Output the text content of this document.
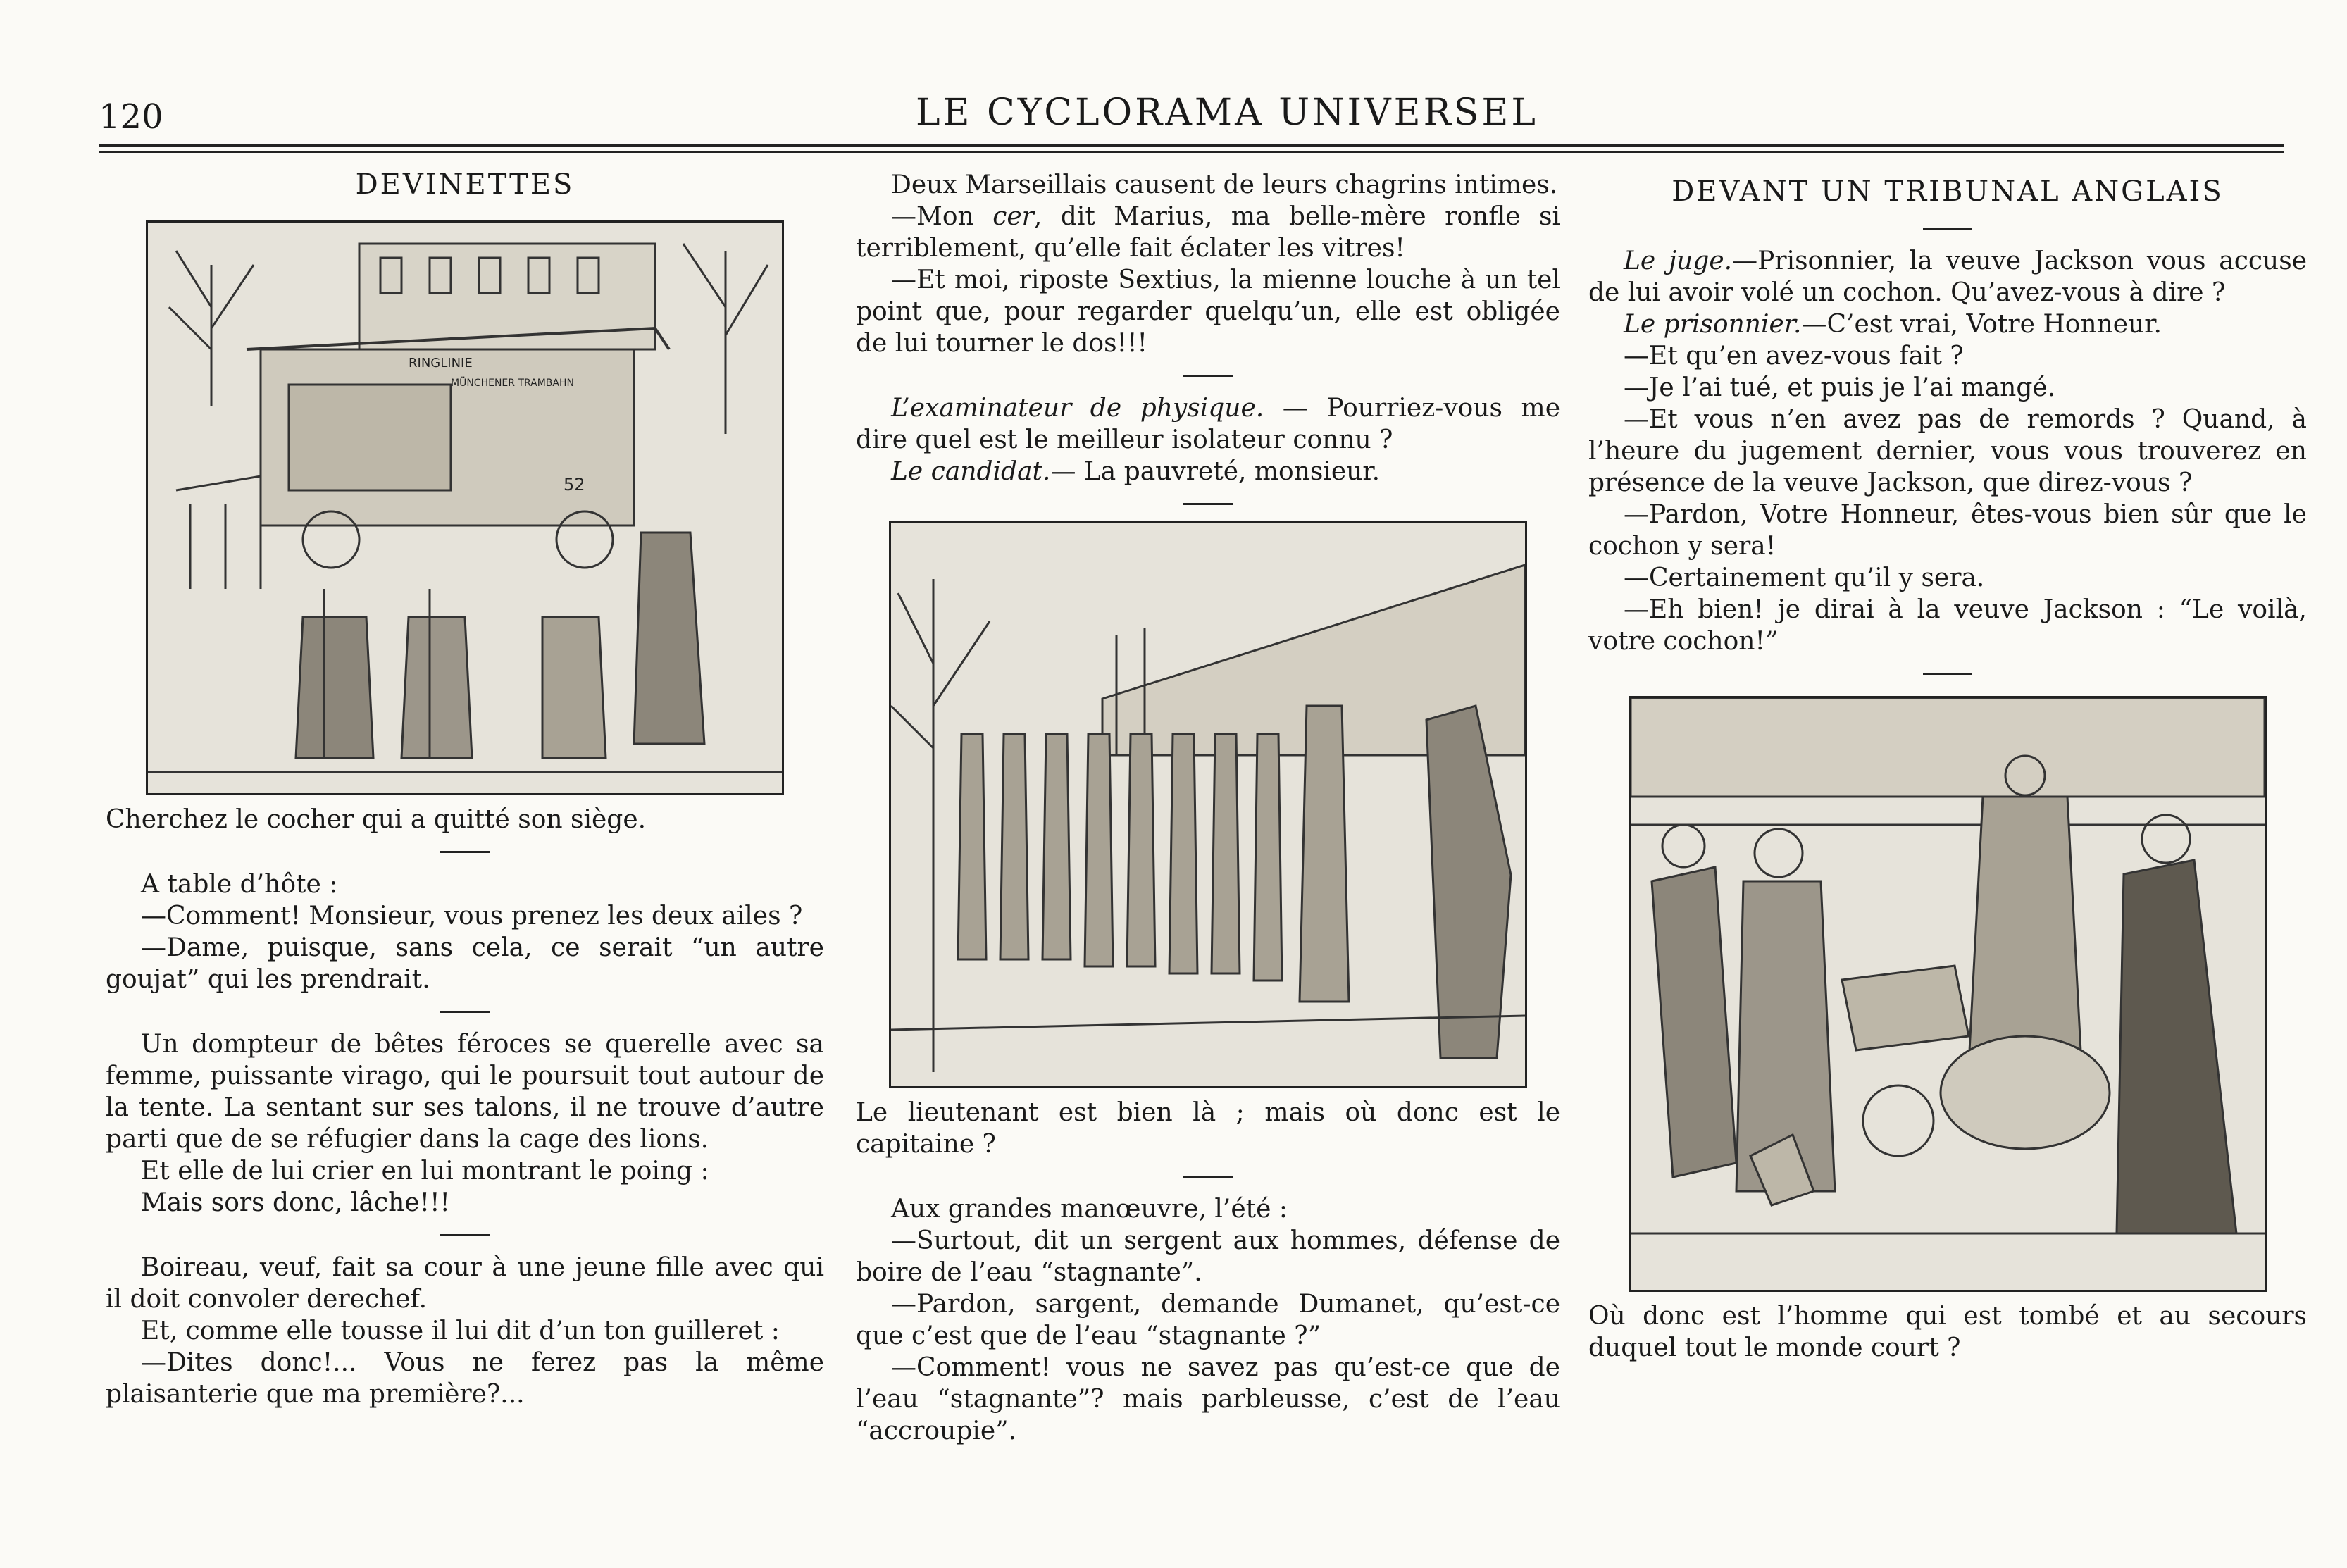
120	LE CYCLORAMA UNIVERSEL

DEVINETTES

RINGLINIE
MÜNCHENER TRAMBAHN
52

Cherchez le cocher qui a quitté son siège.

A table d’hôte :

—Comment! Monsieur, vous prenez les deux ailes ?

—Dame, puisque, sans cela, ce serait “un autre goujat” qui les prendrait.

Un dompteur de bêtes féroces se querelle avec sa femme, puissante virago, qui le poursuit tout autour de la tente. La sentant sur ses talons, il ne trouve d’autre parti que de se réfugier dans la cage des lions.

Et elle de lui crier en lui montrant le poing :

Mais sors donc, lâche!!!

Boireau, veuf, fait sa cour à une jeune fille avec qui il doit convoler derechef.

Et, comme elle tousse il lui dit d’un ton guilleret :

—Dites donc!... Vous ne ferez pas la même plaisanterie que ma première?...

Deux Marseillais causent de leurs chagrins intimes.

—Mon cer, dit Marius, ma belle-mère ronfle si terriblement, qu’elle fait éclater les vitres!

—Et moi, riposte Sextius, la mienne louche à un tel point que, pour regarder quelqu’un, elle est obligée de lui tourner le dos!!!

L’examinateur de physique. — Pourriez-vous me dire quel est le meilleur isolateur connu ?

Le candidat.— La pauvreté, monsieur.

Le lieutenant est bien là ; mais où donc est le capitaine ?

Aux grandes manœuvre, l’été :

—Surtout, dit un sergent aux hommes, défense de boire de l’eau “stagnante”.

—Pardon, sargent, demande Dumanet, qu’est-ce que c’est que de l’eau “stagnante ?”

—Comment! vous ne savez pas qu’est-ce que de l’eau “stagnante”? mais parbleusse, c’est de l’eau “accroupie”.

DEVANT UN TRIBUNAL ANGLAIS

Le juge.—Prisonnier, la veuve Jackson vous accuse de lui avoir volé un cochon. Qu’avez-vous à dire ?

Le prisonnier.—C’est vrai, Votre Honneur.

—Et qu’en avez-vous fait ?

—Je l’ai tué, et puis je l’ai mangé.

—Et vous n’en avez pas de remords ? Quand, à l’heure du jugement dernier, vous vous trouverez en présence de la veuve Jackson, que direz-vous ?

—Pardon, Votre Honneur, êtes-vous bien sûr que le cochon y sera!

—Certainement qu’il y sera.

—Eh bien! je dirai à la veuve Jackson : “Le voilà, votre cochon!”

Où donc est l’homme qui est tombé et au secours duquel tout le monde court ?
